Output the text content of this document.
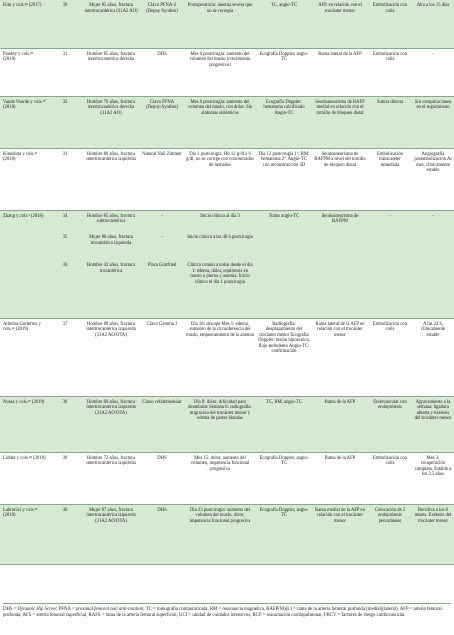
Kim y cols.²⁸ (2017)	30	Mujer 85 años, fractura intertrocantérica (31A2 AO)	Clavo PFNA-2 (Depuy Synthes)	Postoperatorio: anemia severa que no se corregía	TC, angio-TC	AFP, en relación con el trocánter menor	Embolización con coils	Alta a los 15 días
Pandey y cols.²⁹ (2018)	31	Hombre 85 años, fractura intertrocantérica derecha	DHS	Mes 6 postcirugía: aumento del volumen del muslo (crecimiento progresivo)	Ecografía Doppler, angio-TC	Rama lateral de la AFP	Embolización con coils	-
Vande Voorde y cols.³⁰ (2018)	32	Hombre 76 años, fractura intertrocantérica derecha (31A2 AO)	Clavo PFNA (Depuy-Synthes)	Mes 8 postcirugía: aumento del volumen del muslo, con dolor. Sin síntomas sistémicos	Ecografía Doppler: hematoma calcificado Angio-TC	Seudoaneurisma de RAFP medial en relación con el tornillo de bloqueo distal	Sutura directa	Sin complicaciones en el seguimiento
Kinoshita y cols.³¹ (2018)	33	Hombre 80 años, fractura intertrocantérica izquierda	Natural Nail Zimmer	Día 1 postcirugía: Hb 12 g/dl a 6 g/dl, no se corrige con concentrados de hematíes	Día 12 postcirugía 1º. RM: hematoma 2º. Angio-TC con reconstrucción 3D	Seudoaneurisma de RAFPM a nivel del tornillo de bloqueo distal	Embolización transcatéter inmediata	Angiografía posembolización Al mes, clínicamente estable
Zhang y cols.³ (2018)	34	Hombre 85 años, fractura subtrocantérica	-	Inicio clínica al día 3	Todos angio-TC	Seudoaneurisma de RAFPM	-	-
	35	Mujer 80 años, fractura trocantérica izquierda	-	Inicio clínica a las 48 h postcirugía				
	36	Hombre 43 años, fractura trocantérica	Placa Gottfried	Clínica común a todos desde el día 1: edema, dolor, equimosis en muslo o pierna y anemia. Inicio clínico el día 1 postcirugía				
Arbeloa-Gutierrez y cols.³² (2019)	37	Hombre 80 años, fractura intertrocantérica izquierda (31A2 AO/OTA)	Clavo Gamma 3	Día 18: síncope Mes 1: edema, aumento de la circunferencia del muslo, empeoramiento de la anemia	Radiografía: desplazamiento del trocánter menor Ecografía Doppler: lesión hipoecoica, flujo turbulento Angio-TC: confirmación	Rama lateral de la AFP en relación con el trocánter menor	Embolización con coils	A las 24 h, clínicamente estable
Nossa y cols.³³ (2019)	38	Hombre 69 años, fractura intertrocantérica izquierda (31A2 AO/OTA)	Clavo cefalomedular	Día 8: dolor, dificultad para deambular Semana 6: radiografía: migración del trocánter menor y edema de partes blandas	TC, RM, angio-TC	Rama de la AFP	Endovascular con endoprótesis	Agravamiento a la semana: ligadura abierta y exéresis del trocánter menor
Lidder y cols.³⁴ (2019)	39	Hombre 72 años, fractura intertrocantérica izquierda	DHS	Mes 15: dolor, aumento del volumen, impotencia funcional progresiva	Ecografía Doppler, angio-TC	Rama de la AFP	Embolización con coils	Mes 3: recuperación completa. Estable a los 2.5 años
Labronici y cols.³⁵ (2019)	40	Mujer 87 años, fractura intertrocantérica izquierda (31A2 AO/OTA)	DHS	Día 23 postcirugía: aumento del volumen del muslo, dolor, impotencia funcional progresiva	Ecografía Doppler, angio-TC	Rama medial de la AFP en relación con el trocánter menor	Colocación de 2 endoprótesis percutáneas	Recidiva a los 6 meses. Exéresis del trocánter menor
DHS = Dynamic Hip Screw; PFNA = proximal femoral nail anti-rotation; TC = tomografía computarizada, RM = resonancia magnética, RAFP(M)(L) = rama de la arteria femoral profunda (medial)(lateral), AFP = arteria femoral profunda, AFS = arteria femoral superficial, RAFS = rama de la arteria femoral superficial, UCI = unidad de cuidados intensivos, RCP = reanimación cardiopulmonar, FRCV = factores de riesgo cardiovascular.
